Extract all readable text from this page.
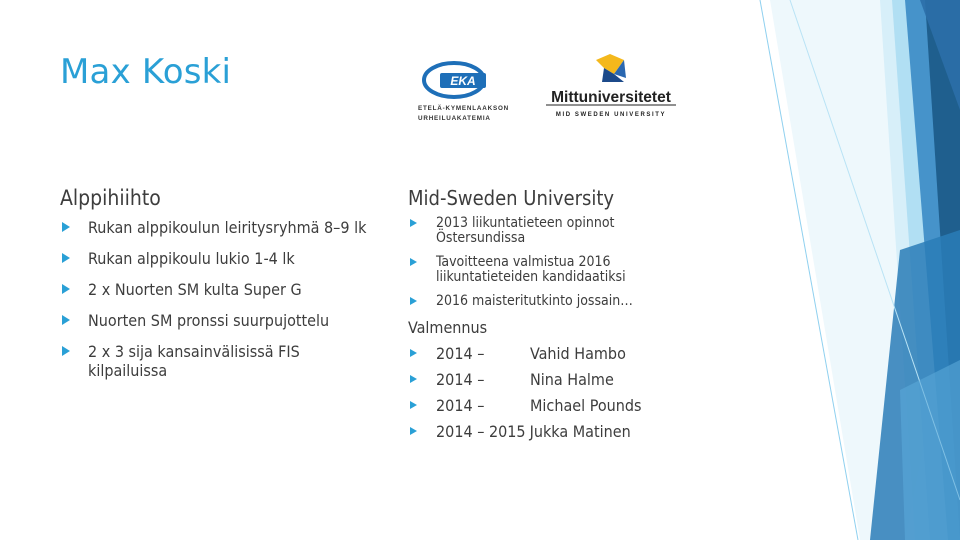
Max Koski	EKA
ETELÄ-KYMENLAAKSON
URHEILUAKATEMIA
Mittuniversitetet
MID SWEDEN UNIVERSITY
Alppihiihto
Rukan alppikoulun leiritysryhmä 8–9 lk
Rukan alppikoulu lukio 1-4 lk
2 x Nuorten SM kulta Super G
Nuorten SM pronssi suurpujottelu
2 x 3 sija kansainvälisissä FIS kilpailuissa
Mid-Sweden University
2013 liikuntatieteen opinnot Östersundissa
Tavoitteena valmistua 2016 liikuntatieteiden kandidaatiksi
2016 maisteritutkinto jossain…
Valmennus
2014 –	Vahid Hambo
2014 –	Nina Halme
2014 –	Michael Pounds
2014 – 2015 Jukka Matinen
